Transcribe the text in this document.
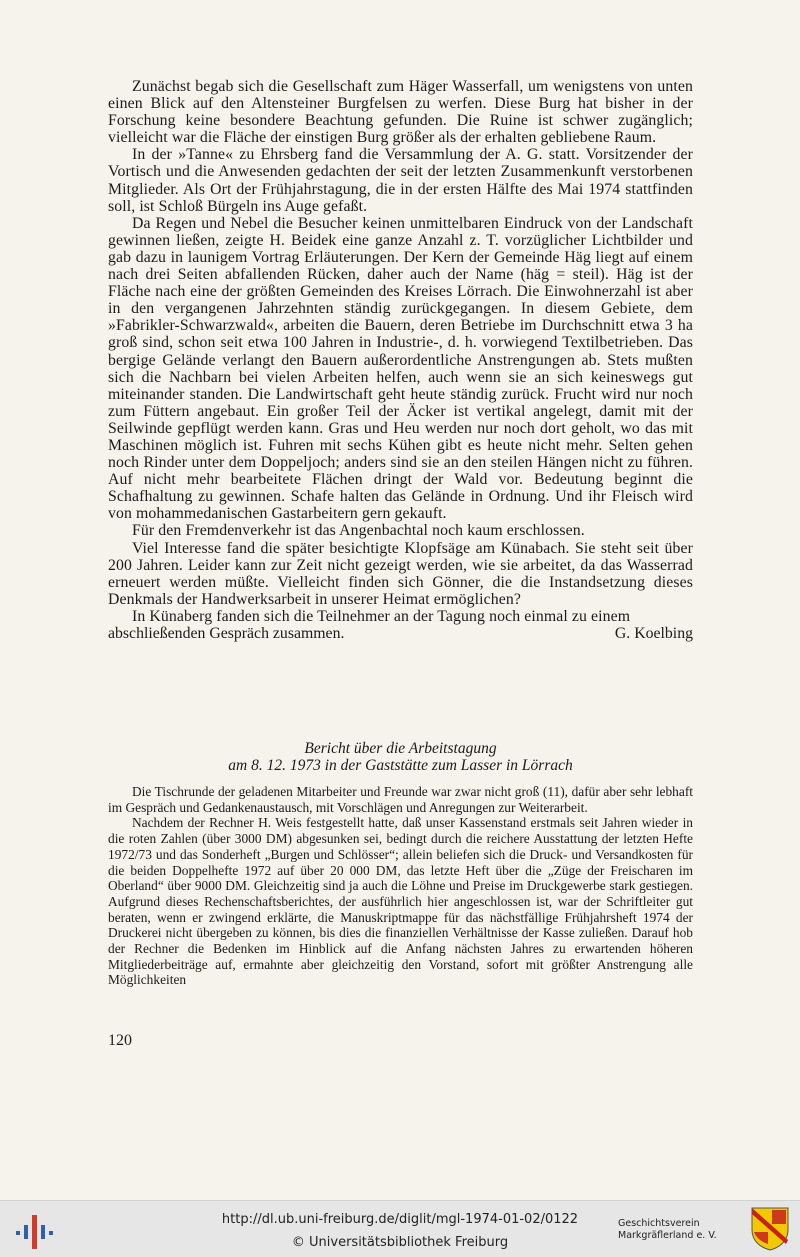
Zunächst begab sich die Gesellschaft zum Häger Wasserfall, um wenigstens von unten einen Blick auf den Altensteiner Burgfelsen zu werfen. Diese Burg hat bisher in der Forschung keine besondere Beachtung gefunden. Die Ruine ist schwer zugänglich; vielleicht war die Fläche der einstigen Burg größer als der erhalten gebliebene Raum.

In der »Tanne« zu Ehrsberg fand die Versammlung der A. G. statt. Vorsitzender der Vortisch und die Anwesenden gedachten der seit der letzten Zusammenkunft verstorbenen Mitglieder. Als Ort der Frühjahrstagung, die in der ersten Hälfte des Mai 1974 stattfinden soll, ist Schloß Bürgeln ins Auge gefaßt.

Da Regen und Nebel die Besucher keinen unmittelbaren Eindruck von der Landschaft gewinnen ließen, zeigte H. Beidek eine ganze Anzahl z. T. vorzüglicher Lichtbilder und gab dazu in launigem Vortrag Erläuterungen. Der Kern der Gemeinde Häg liegt auf einem nach drei Seiten abfallenden Rücken, daher auch der Name (häg = steil). Häg ist der Fläche nach eine der größten Gemeinden des Kreises Lörrach. Die Einwohnerzahl ist aber in den vergangenen Jahrzehnten ständig zurückgegangen. In diesem Gebiete, dem »Fabrikler-Schwarzwald«, arbeiten die Bauern, deren Betriebe im Durchschnitt etwa 3 ha groß sind, schon seit etwa 100 Jahren in Industrie-, d. h. vorwiegend Textilbetrieben. Das bergige Gelände verlangt den Bauern außerordentliche Anstrengungen ab. Stets mußten sich die Nachbarn bei vielen Arbeiten helfen, auch wenn sie an sich keineswegs gut miteinander standen. Die Landwirtschaft geht heute ständig zurück. Frucht wird nur noch zum Füttern angebaut. Ein großer Teil der Äcker ist vertikal angelegt, damit mit der Seilwinde gepflügt werden kann. Gras und Heu werden nur noch dort geholt, wo das mit Maschinen möglich ist. Fuhren mit sechs Kühen gibt es heute nicht mehr. Selten gehen noch Rinder unter dem Doppeljoch; anders sind sie an den steilen Hängen nicht zu führen. Auf nicht mehr bearbeitete Flächen dringt der Wald vor. Bedeutung beginnt die Schafhaltung zu gewinnen. Schafe halten das Gelände in Ordnung. Und ihr Fleisch wird von mohammedanischen Gastarbeitern gern gekauft.

Für den Fremdenverkehr ist das Angenbachtal noch kaum erschlossen.

Viel Interesse fand die später besichtigte Klopfsäge am Künabach. Sie steht seit über 200 Jahren. Leider kann zur Zeit nicht gezeigt werden, wie sie arbeitet, da das Wasserrad erneuert werden müßte. Vielleicht finden sich Gönner, die die Instandsetzung dieses Denkmals der Handwerksarbeit in unserer Heimat ermöglichen?

In Künaberg fanden sich die Teilnehmer an der Tagung noch einmal zu einem

abschließenden Gespräch zusammen.	G. Koelbing
Bericht über die Arbeitstagung
am 8. 12. 1973 in der Gaststätte zum Lasser in Lörrach

Die Tischrunde der geladenen Mitarbeiter und Freunde war zwar nicht groß (11), dafür aber sehr lebhaft im Gespräch und Gedankenaustausch, mit Vorschlägen und Anregungen zur Weiterarbeit.

Nachdem der Rechner H. Weis festgestellt hatte, daß unser Kassenstand erstmals seit Jahren wieder in die roten Zahlen (über 3000 DM) abgesunken sei, bedingt durch die reichere Ausstattung der letzten Hefte 1972/73 und das Sonderheft „Burgen und Schlösser“; allein beliefen sich die Druck- und Versandkosten für die beiden Doppelhefte 1972 auf über 20 000 DM, das letzte Heft über die „Züge der Freischaren im Oberland“ über 9000 DM. Gleichzeitig sind ja auch die Löhne und Preise im Druckgewerbe stark gestiegen. Aufgrund dieses Rechenschaftsberichtes, der ausführlich hier angeschlossen ist, war der Schriftleiter gut beraten, wenn er zwingend erklärte, die Manuskriptmappe für das nächstfällige Frühjahrsheft 1974 der Druckerei nicht übergeben zu können, bis dies die finanziellen Verhältnisse der Kasse zuließen. Darauf hob der Rechner die Bedenken im Hinblick auf die Anfang nächsten Jahres zu erwartenden höheren Mitgliederbeiträge auf, ermahnte aber gleichzeitig den Vorstand, sofort mit größter Anstrengung alle Möglichkeiten

120
http://dl.ub.uni-freiburg.de/diglit/mgl-1974-01-02/0122
© Universitätsbibliothek Freiburg
Geschichtsverein
Markgräflerland e. V.
